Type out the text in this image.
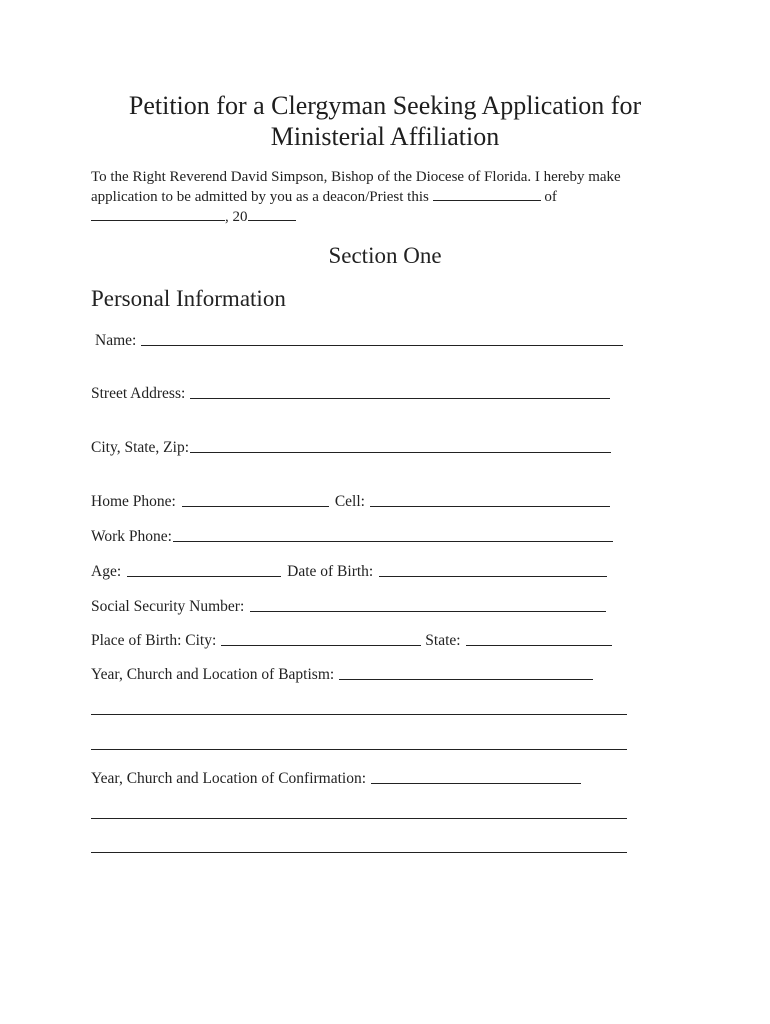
Petition for a Clergyman Seeking Application for
Ministerial Affiliation
To the Right Reverend David Simpson, Bishop of the Diocese of Florida. I hereby make application to be admitted by you as a deacon/Priest this	of
, 20
Section One
Personal Information
Name:
Street Address:
City, State, Zip:
Home Phone:	Cell:
Work Phone:
Age:	Date of Birth:
Social Security Number:
Place of Birth: City:	State:
Year, Church and Location of Baptism:
Year, Church and Location of Confirmation:
